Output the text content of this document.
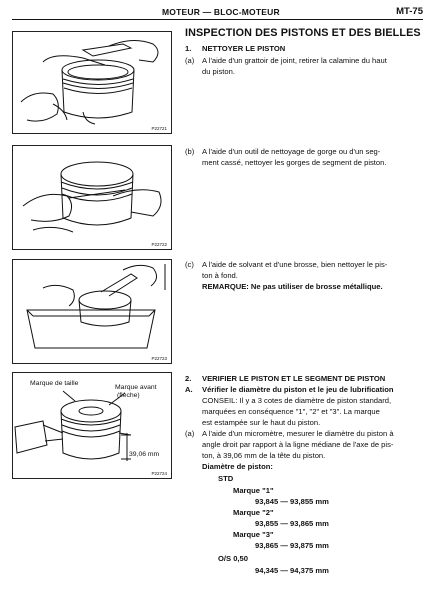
MOTEUR — BLOC-MOTEUR	MT-75
P22721
P22722
P22723
Marque de taille
Marque avant
(flèche)
39,06 mm
P22724
INSPECTION DES PISTONS ET DES BIELLES
1. NETTOYER LE PISTON
(a) A l'aide d'un grattoir de joint, retirer la calamine du haut
du piston.
(b) A l'aide d'un outil de nettoyage de gorge ou d'un seg-
ment cassé, nettoyer les gorges de segment de piston.
(c) A l'aide de solvant et d'une brosse, bien nettoyer le pis-
ton à fond.
REMARQUE: Ne pas utiliser de brosse métallique.
2. VERIFIER LE PISTON ET LE SEGMENT DE PISTON
A. Vérifier le diamètre du piston et le jeu de lubrification
CONSEIL: Il y a 3 cotes de diamètre de piston standard,
marquées en conséquence "1", "2" et "3". La marque
est estampée sur le haut du piston.
(a) A l'aide d'un micromètre, mesurer le diamètre du piston à
angle droit par rapport à la ligne médiane de l'axe de pis-
ton, à 39,06 mm de la tête du piston.
Diamètre de piston:
STD
Marque "1"
93,845 — 93,855 mm
Marque "2"
93,855 — 93,865 mm
Marque "3"
93,865 — 93,875 mm
O/S 0,50
94,345 — 94,375 mm
